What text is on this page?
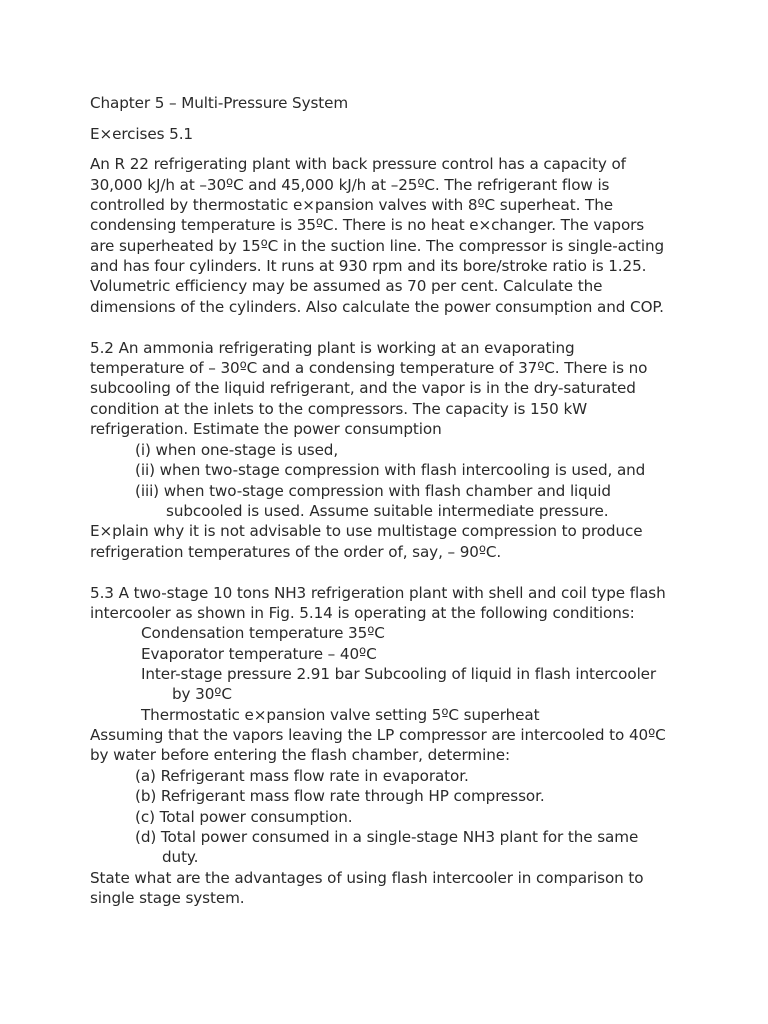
Chapter 5 – Multi-Pressure System
E×ercises 5.1
An R 22 refrigerating plant with back pressure control has a capacity of
30,000 kJ/h at –30ºC and 45,000 kJ/h at –25ºC. The refrigerant flow is
controlled by thermostatic e×pansion valves with 8ºC superheat. The
condensing temperature is 35ºC. There is no heat e×changer. The vapors
are superheated by 15ºC in the suction line. The compressor is single-acting
and has four cylinders. It runs at 930 rpm and its bore/stroke ratio is 1.25.
Volumetric efficiency may be assumed as 70 per cent. Calculate the
dimensions of the cylinders. Also calculate the power consumption and COP.
5.2 An ammonia refrigerating plant is working at an evaporating
temperature of – 30ºC and a condensing temperature of 37ºC. There is no
subcooling of the liquid refrigerant, and the vapor is in the dry-saturated
condition at the inlets to the compressors. The capacity is 150 kW
refrigeration. Estimate the power consumption
(i) when one-stage is used,
(ii) when two-stage compression with flash intercooling is used, and
(iii) when two-stage compression with flash chamber and liquid
subcooled is used. Assume suitable intermediate pressure.
E×plain why it is not advisable to use multistage compression to produce
refrigeration temperatures of the order of, say, – 90ºC.
5.3 A two-stage 10 tons NH3 refrigeration plant with shell and coil type flash
intercooler as shown in Fig. 5.14 is operating at the following conditions:
Condensation temperature 35ºC
Evaporator temperature – 40ºC
Inter-stage pressure 2.91 bar Subcooling of liquid in flash intercooler
by 30ºC
Thermostatic e×pansion valve setting 5ºC superheat
Assuming that the vapors leaving the LP compressor are intercooled to 40ºC
by water before entering the flash chamber, determine:
(a) Refrigerant mass flow rate in evaporator.
(b) Refrigerant mass flow rate through HP compressor.
(c) Total power consumption.
(d) Total power consumed in a single-stage NH3 plant for the same
duty.
State what are the advantages of using flash intercooler in comparison to
single stage system.
